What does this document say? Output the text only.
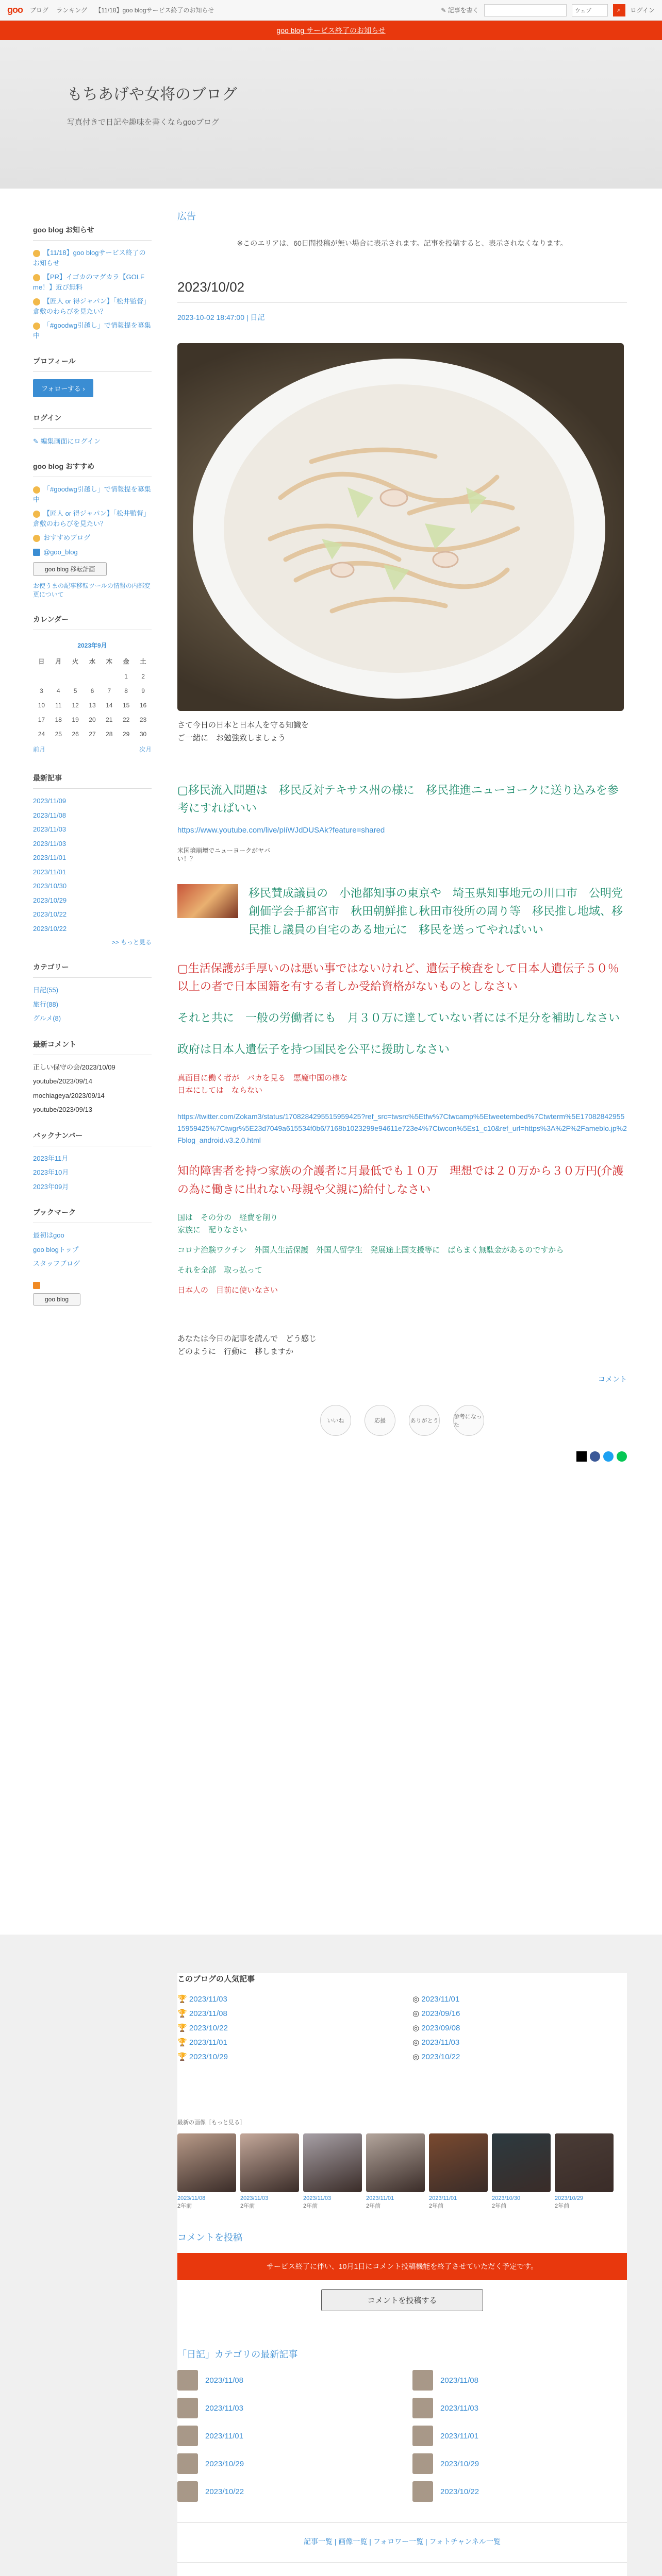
goo ブログ ランキング 【11/18】goo blogサービス終了のお知らせ	✎ 記事を書く	ウェブ	⌕	ログイン
goo blog サービス終了のお知らせ
もちあげや女将のブログ

写真付きで日記や趣味を書くならgooブログ

goo blog お知らせ
【11/18】goo blogサービス終了のお知らせ
【PR】イゴカのマグカラ【GOLF me！】近び無料
【匠人 or 得ジャパン】「松井監督」倉敷のわらびを見たい？
「#goodwg引越し」で情報提を募集中
プロフィール
フォローする ›
ログイン
✎ 編集画面にログイン
goo blog おすすめ
「#goodwg引越し」で情報提を募集中
【匠人 or 得ジャパン】「松井監督」倉敷のわらびを見たい？
おすすめブログ
@goo_blog
goo blog 移転計画
お使うまの記事移転ツールの情報の内部変更について
カレンダー
2023年9月						
日	月	火	水	木	金	土
					1	2
3	4	5	6	7	8	9
10	11	12	13	14	15	16
17	18	19	20	21	22	23
24	25	26	27	28	29	30
前月				次月		
最新記事
2023/11/09
2023/11/08
2023/11/03
2023/11/03
2023/11/01
2023/11/01
2023/10/30
2023/10/29
2023/10/22
2023/10/22
>> もっと見る
カテゴリー
日記(55)
旅行(88)
グルメ(8)
最新コメント
正しい保守の会/2023/10/09
youtube/2023/09/14
mochiageya/2023/09/14
youtube/2023/09/13
バックナンバー
2023年11月
2023年10月
2023年09月
ブックマーク
最初はgoo
goo blogトップ
スタッフブログ
goo blog
広告
※このエリアは、60日間投稿が無い場合に表示されます。記事を投稿すると、表示されなくなります。
2023/10/02
2023-10-02 18:47:00 | 日記

さて今日の日本と日本人を守る知識を

ご一緒に　お勉強致しましょう　

▢移民流入問題は　移民反対テキサス州の様に　移民推進ニューヨークに送り込みを参考にすればいい

https://www.youtube.com/live/pIiWJdDUSAk?feature=shared

米国境崩壊でニューヨークがヤバい！？

移民賛成議員の　小池都知事の東京や　埼玉県知事地元の川口市　公明党創価学会手都宮市　秋田朝鮮推し秋田市役所の周り等　移民推し地域、移民推し議員の自宅のある地元に　移民を送ってやればいい

▢生活保護が手厚いのは悪い事ではないけれど、遺伝子検査をして日本人遺伝子５０％以上の者で日本国籍を有する者しか受給資格がないものとしなさい

それと共に　一般の労働者にも　月３０万に達していない者には不足分を補助しなさい

政府は日本人遺伝子を持つ国民を公平に援助しなさい

真面目に働く者が　バカを見る　悪魔中国の様な

日本にしては　ならない

https://twitter.com/Zokam3/status/1708284295515959425?ref_src=twsrc%5Etfw%7Ctwcamp%5Etweetembed%7Ctwterm%5E1708284295515959425%7Ctwgr%5E23d7049a615534f0b6/7168b1023299e94611e723e4%7Ctwcon%5Es1_c10&ref_url=https%3A%2F%2Fameblo.jp%2Fblog_android.v3.2.0.html

知的障害者を持つ家族の介護者に月最低でも１０万　理想では２０万から３０万円(介護の為に働きに出れない母親や父親に)給付しなさい

国は　その分の　経費を削り

家族に　配りなさい

コロナ治験ワクチン　外国人生活保護　外国人留学生　発展途上国支援等に　ばらまく無駄金があるのですから

それを全部　取っ払って

日本人の　目前に使いなさい

あなたは今日の記事を読んで　どう感じ

どのように　行動に　移しますか

コメント
いいね	応援	ありがとう
参考になった
このブログの人気記事
🏆 2023/11/03	◎ 2023/11/01
🏆 2023/11/08	◎ 2023/09/16
🏆 2023/10/22	◎ 2023/09/08
🏆 2023/11/01	◎ 2023/11/03
🏆 2023/10/29	◎ 2023/10/22
最新の画像［もっと見る］
2023/11/08
2年前
2023/11/03
2年前
2023/11/03
2年前
2023/11/01
2年前
2023/11/01
2年前
2023/10/30
2年前
2023/10/29
2年前
コメントを投稿
サービス終了に伴い、10月1日にコメント投稿機能を終了させていただく予定です。
コメントを投稿する
「日記」カテゴリの最新記事
2023/11/08	2023/11/08
2023/11/03	2023/11/03
2023/11/01	2023/11/01
2023/10/29	2023/10/29
2023/10/22	2023/10/22
記事一覧 | 画像一覧 | フォロワー一覧 | フォトチャンネル一覧
